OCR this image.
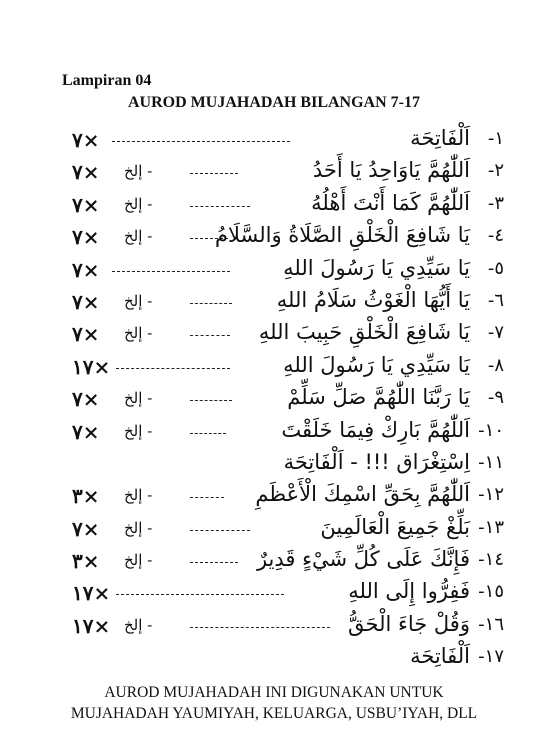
Lampiran 04
AUROD MUJAHADAH BILANGAN 7-17
٧×	اَلْفَاتِحَة ١-
٧× إلخ -	اَللّٰهُمَّ يَاوَاحِدُ يَا أَحَدُ ٢-
٧× إلخ -	اَللّٰهُمَّ كَمَا أَنْتَ أَهْلُهُ ٣-
٧× إلخ -	يَا شَافِعَ الْخَلْقِ الصَّلَاةُ وَالسَّلَامُ ٤-
٧×	يَا سَيِّدِي يَا رَسُولَ اللهِ ٥-
٧× إلخ -	يَا أَيُّهَا الْغَوْثُ سَلَامُ اللهِ ٦-
٧× إلخ -	يَا شَافِعَ الْخَلْقِ حَبِيبَ اللهِ ٧-
١٧×	يَا سَيِّدِي يَا رَسُولَ اللهِ ٨-
٧× إلخ -	يَا رَبَّنَا اللّٰهُمَّ صَلِّ سَلِّمْ ٩-
٧× إلخ -	اَللّٰهُمَّ بَارِكْ فِيمَا خَلَقْتَ ١٠-
اِسْتِغْرَاق !!! - اَلْفَاتِحَة ١١-
٣× إلخ -	اَللّٰهُمَّ بِحَقِّ اسْمِكَ الْأَعْظَمِ ١٢-
٧× إلخ -	بَلِّغْ جَمِيعَ الْعَالَمِينَ ١٣-
٣× إلخ -	فَإِنَّكَ عَلَى كُلِّ شَيْءٍ قَدِيرٌ ١٤-
١٧×	فَفِرُّوا إِلَى اللهِ ١٥-
١٧× إلخ -	وَقُلْ جَاءَ الْحَقُّ ١٦-
اَلْفَاتِحَة ١٧-
AUROD MUJAHADAH INI DIGUNAKAN UNTUK
MUJAHADAH YAUMIYAH, KELUARGA, USBU’IYAH, DLL
